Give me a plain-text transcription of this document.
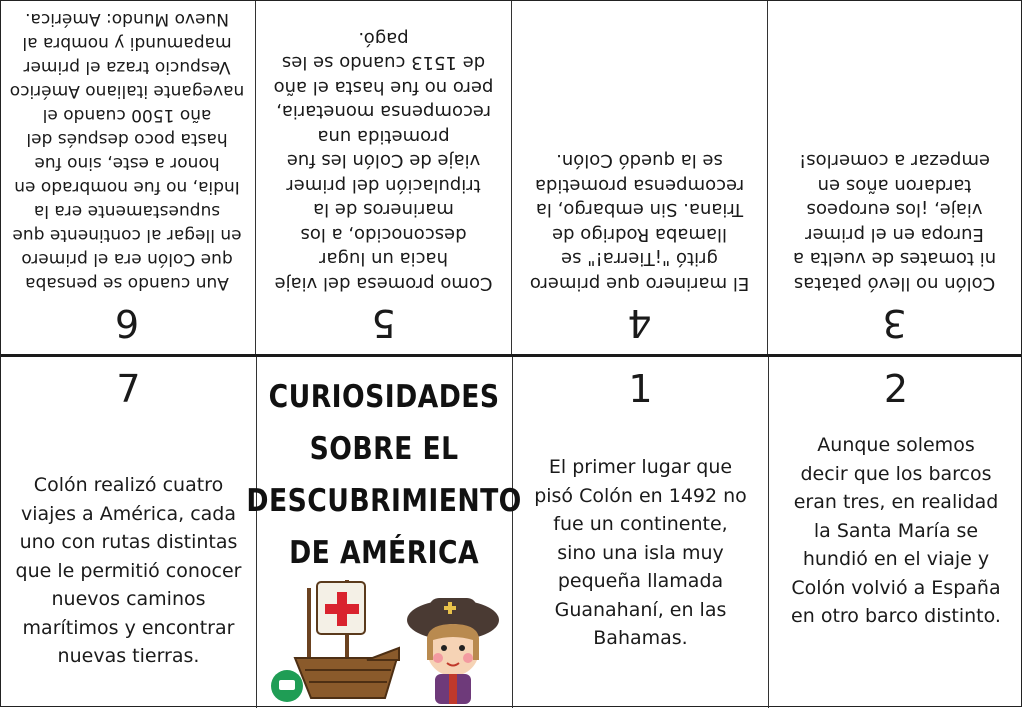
3
Colón no llevó patatas
ni tomates de vuelta a
Europa en el primer
viaje, ¡los europeos
tardaron años en
empezar a comerlos!
4
El marinero que primero
gritó "¡Tierra!" se
llamaba Rodrigo de
Triana. Sin embargo, la
recompensa prometida
se la quedó Colón.
5
Como promesa del viaje
hacia un lugar
desconocido, a los
marineros de la
tripulación del primer
viaje de Colón les fue
prometida una
recompensa monetaria,
pero no fue hasta el año
de 1513 cuando se les
pagó.
6
Aun cuando se pensaba
que Colón era el primero
en llegar al continente que
supuestamente era la
India, no fue nombrado en
honor a este, sino fue
hasta poco después del
año 1500 cuando el
navegante italiano Américo
Vespucio traza el primer
mapamundi y nombra al
Nuevo Mundo: América.
7
Colón realizó cuatro
viajes a América, cada
uno con rutas distintas
que le permitió conocer
nuevos caminos
marítimos y encontrar
nuevas tierras.
CURIOSIDADES
SOBRE EL
DESCUBRIMIENTO
DE AMÉRICA
1
El primer lugar que
pisó Colón en 1492 no
fue un continente,
sino una isla muy
pequeña llamada
Guanahaní, en las
Bahamas.
2
Aunque solemos
decir que los barcos
eran tres, en realidad
la Santa María se
hundió en el viaje y
Colón volvió a España
en otro barco distinto.
